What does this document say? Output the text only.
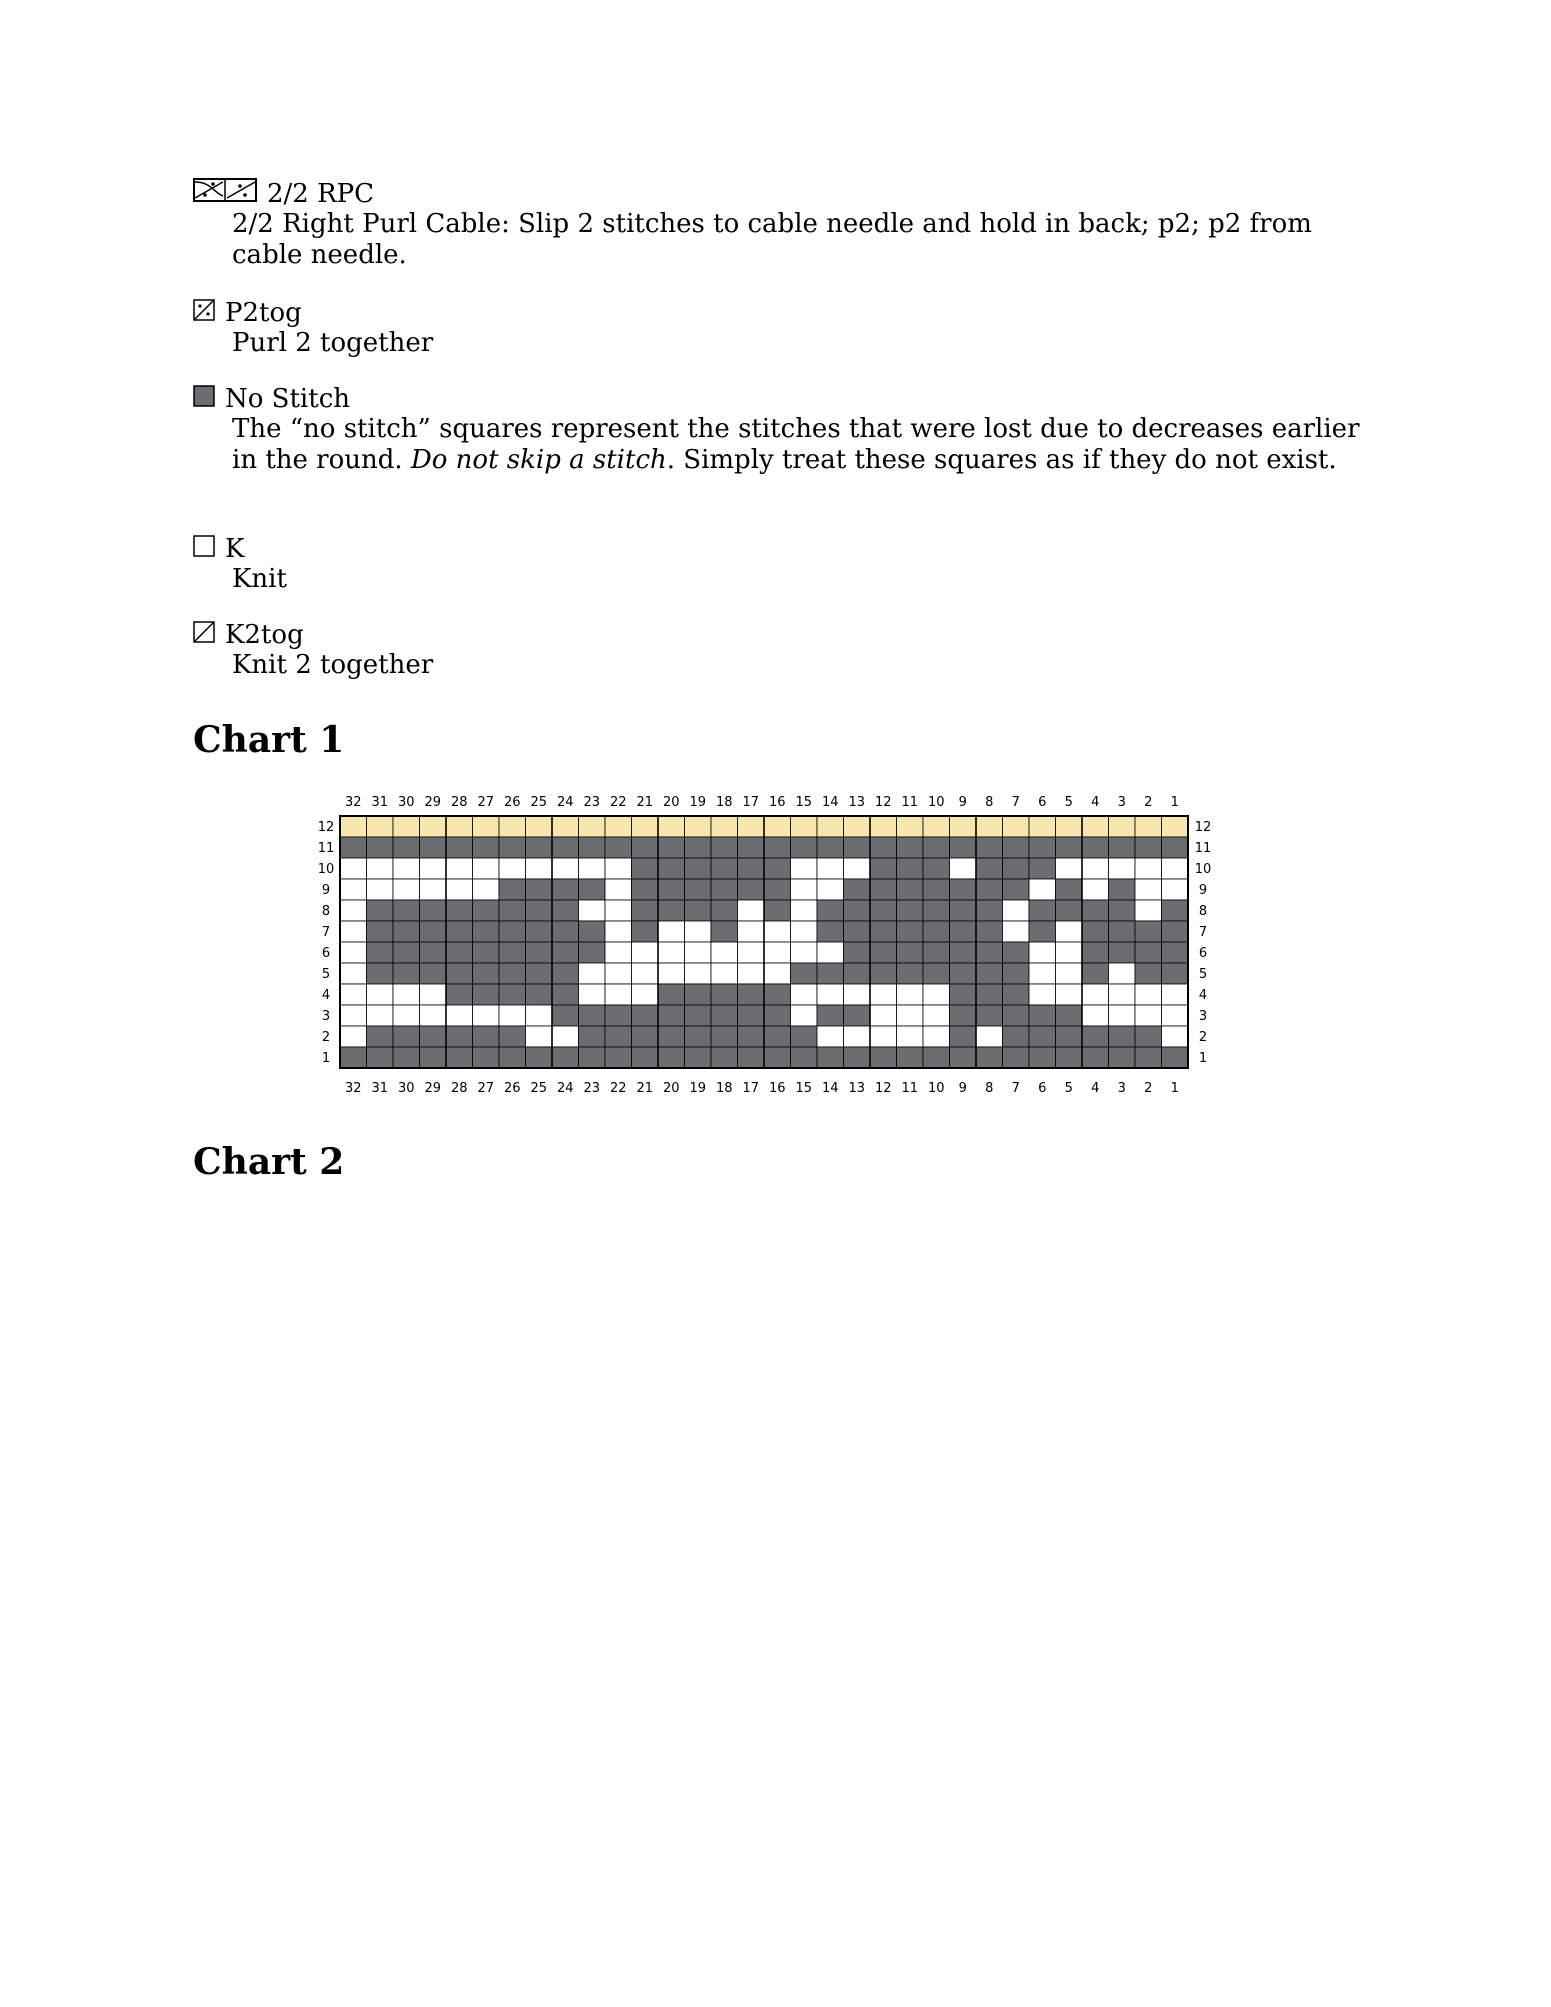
2/2 RPC
2/2 Right Purl Cable: Slip 2 stitches to cable needle and hold in back; p2; p2 from cable needle.
P2tog
Purl 2 together
No Stitch
The “no stitch” squares represent the stitches that were lost due to decreases earlier in the round. Do not skip a stitch. Simply treat these squares as if they do not exist.
K
Knit
K2tog
Knit 2 together
Chart 1
12	12
11	11
10	10
9	9
8	8
7	7
6	6
5	5
4	4
3	3
2	2
1	1
32
32
31
31
30
30
29
29
28
28
27
27
26
26
25
25
24
24
23
23
22
22
21
21
20
20
19
19
18
18
17
17
16
16
15
15
14
14
13
13
12
12
11
11
10
10
9
9
8
8
7
7
6
6
5
5
4
4
3
3
2
2
1
1
Chart 2
